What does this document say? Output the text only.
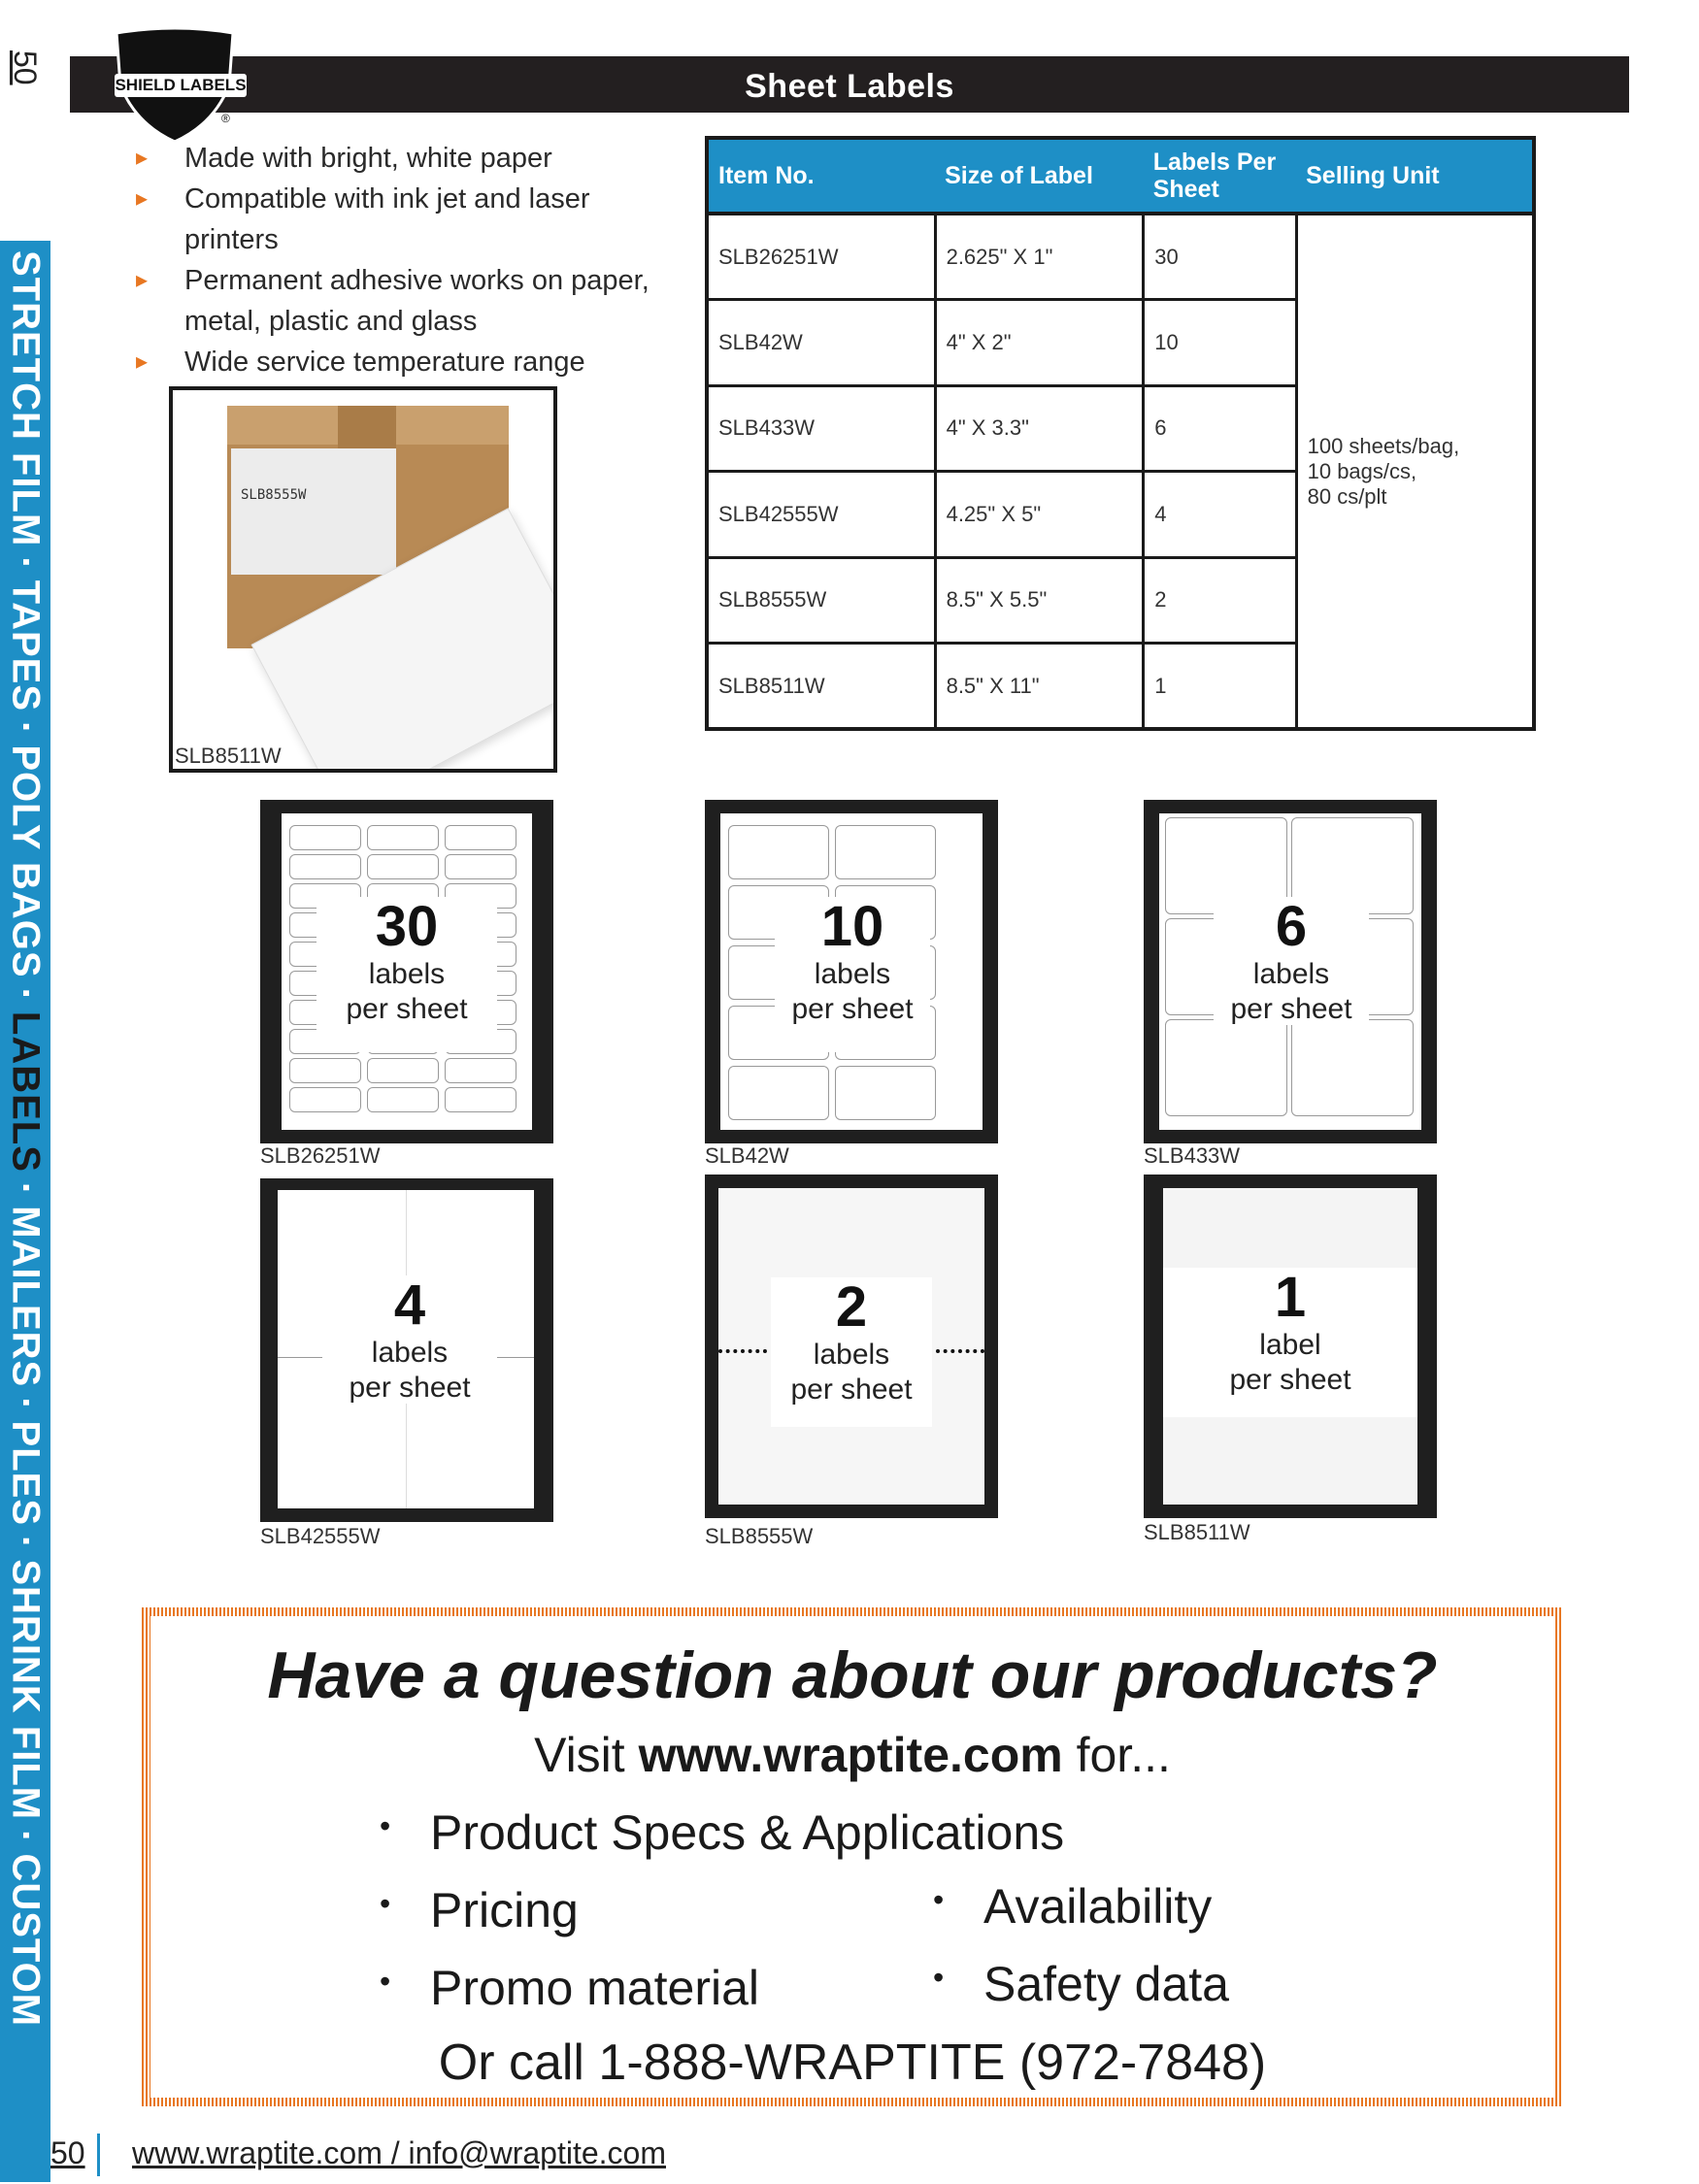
STRETCH FILM·TAPES·POLY BAGS·LABELS·MAILERS·PLES·SHRINK FILM·CUSTOM
50
Sheet Labels
®
SHIELD LABELS
▸ Made with bright, white paper
▸ Compatible with ink jet and laser printers
▸ Permanent adhesive works on paper, metal, plastic and glass
▸ Wide service temperature range
SLB8555W
SLB8511W
Item No.	Size of Label	Labels Per Sheet	Selling Unit
SLB26251W	2.625" X 1"	30	100 sheets/bag,
10 bags/cs,
80 cs/plt

SLB42W	4" X 2"	10	
SLB433W	4" X 3.3"	6	
SLB42555W	4.25" X 5"	4	
SLB8555W	8.5" X 5.5"	2	
SLB8511W	8.5" X 11"	1	
30
labels
per sheet
SLB26251W
10
labels
per sheet
SLB42W
6
labels
per sheet
SLB433W
4
labels
per sheet
SLB42555W
2
labels
per sheet
SLB8555W
1
label
per sheet
SLB8511W
Have a question about our products?
Visit www.wraptite.com for...
• Product Specs & Applications
• Pricing	• Availability
• Promo material	• Safety data
Or call 1-888-WRAPTITE (972-7848)
50 www.wraptite.com / info@wraptite.com
